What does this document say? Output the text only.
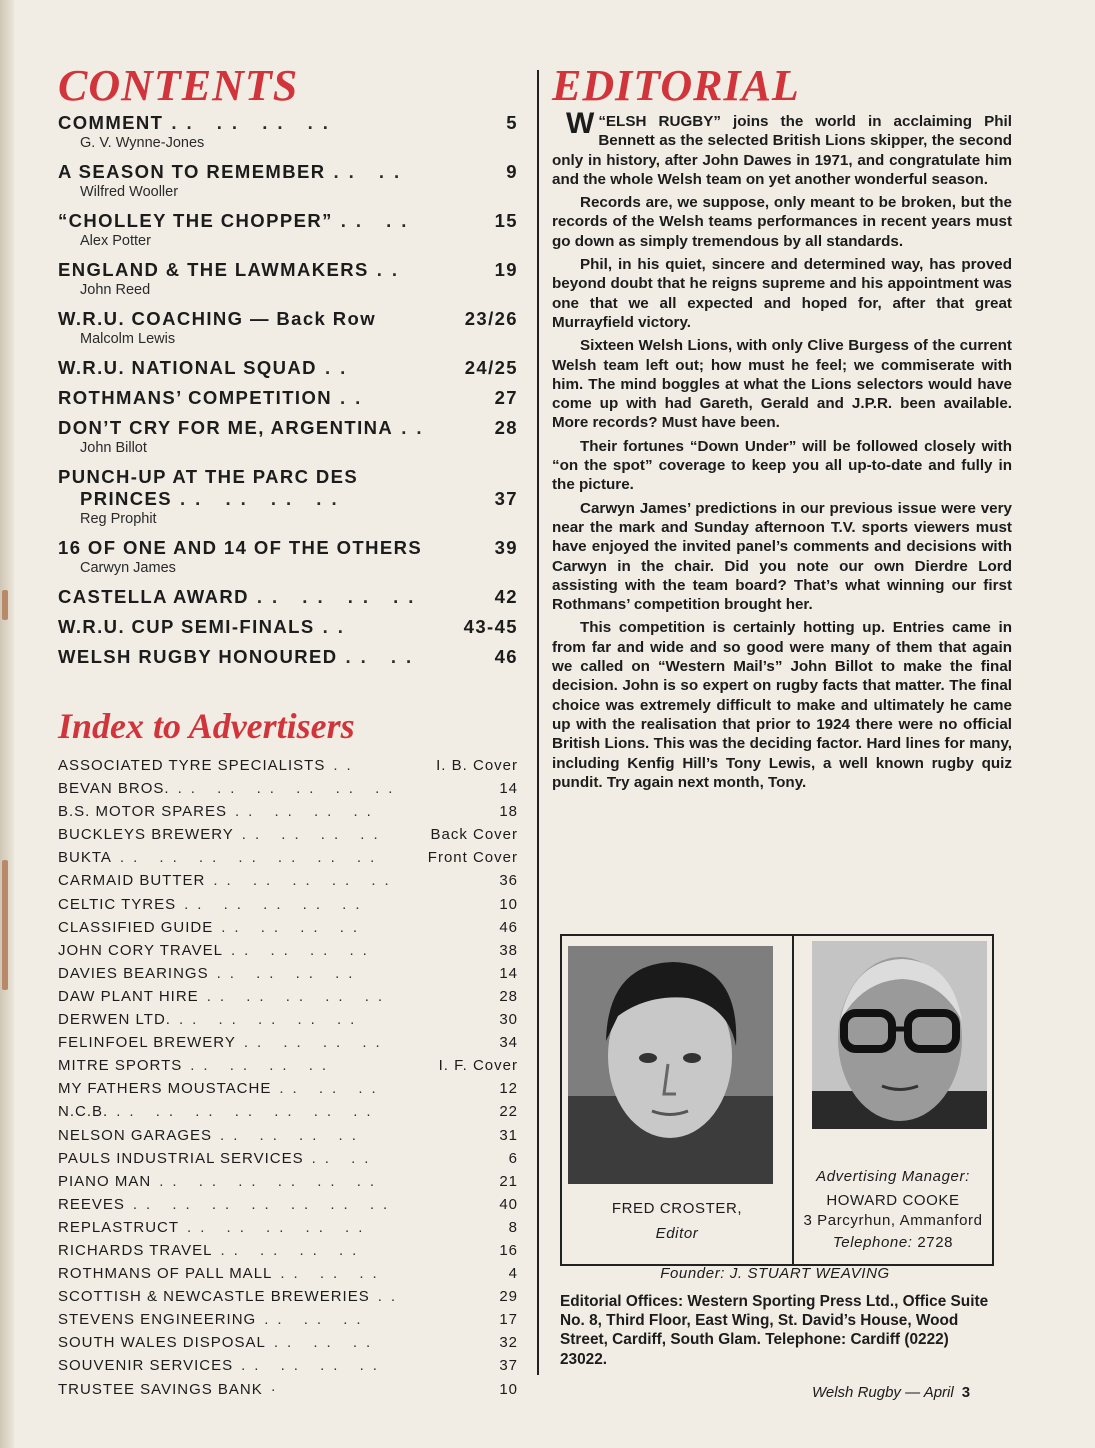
CONTENTS
COMMENT .. .. .. ..	5
G. V. Wynne-Jones
A SEASON TO REMEMBER .. ..	9
Wilfred Wooller
“CHOLLEY THE CHOPPER” .. ..	15
Alex Potter
ENGLAND & THE LAWMAKERS ..	19
John Reed
W.R.U. COACHING — Back Row	23/26
Malcolm Lewis
W.R.U. NATIONAL SQUAD ..	24/25
ROTHMANS’ COMPETITION ..	27
DON’T CRY FOR ME, ARGENTINA ..	28
John Billot
PUNCH-UP AT THE PARC DES
PRINCES .. .. .. ..	37
Reg Prophit
16 OF ONE AND 14 OF THE OTHERS	39
Carwyn James
CASTELLA AWARD .. .. .. ..	42
W.R.U. CUP SEMI-FINALS ..	43-45
WELSH RUGBY HONOURED .. ..	46
Index to Advertisers
ASSOCIATED TYRE SPECIALISTS ..	I. B. Cover
BEVAN BROS. .. .. .. .. .. ..	14
B.S. MOTOR SPARES .. .. .. ..	18
BUCKLEYS BREWERY .. .. .. ..	Back Cover
BUKTA .. .. .. .. .. .. ..	Front Cover
CARMAID BUTTER .. .. .. .. ..	36
CELTIC TYRES .. .. .. .. ..	10
CLASSIFIED GUIDE .. .. .. ..	46
JOHN CORY TRAVEL .. .. .. ..	38
DAVIES BEARINGS .. .. .. ..	14
DAW PLANT HIRE .. .. .. .. ..	28
DERWEN LTD. .. .. .. .. ..	30
FELINFOEL BREWERY .. .. .. ..	34
MITRE SPORTS .. .. .. ..	I. F. Cover
MY FATHERS MOUSTACHE .. .. ..	12
N.C.B. .. .. .. .. .. .. ..	22
NELSON GARAGES .. .. .. ..	31
PAULS INDUSTRIAL SERVICES .. ..	6
PIANO MAN .. .. .. .. .. ..	21
REEVES .. .. .. .. .. .. ..	40
REPLASTRUCT .. .. .. .. ..	8
RICHARDS TRAVEL .. .. .. ..	16
ROTHMANS OF PALL MALL .. .. ..	4
SCOTTISH & NEWCASTLE BREWERIES ..	29
STEVENS ENGINEERING .. .. ..	17
SOUTH WALES DISPOSAL .. .. ..	32
SOUVENIR SERVICES .. .. .. ..	37
TRUSTEE SAVINGS BANK ·	10
EDITORIAL

“
W ELSH RUGBY” joins the world in acclaiming Phil Bennett as the selected British Lions skipper, the second only in history, after John Dawes in 1971, and congratulate him and the whole Welsh team on yet another wonderful season.

Records are, we suppose, only meant to be broken, but the records of the Welsh teams performances in recent years must go down as simply tremendous by all standards.

Phil, in his quiet, sincere and determined way, has proved beyond doubt that he reigns supreme and his appointment was one that we all expected and hoped for, after that great Murrayfield victory.

Sixteen Welsh Lions, with only Clive Burgess of the current Welsh team left out; how must he feel; we commiserate with him. The mind boggles at what the Lions selectors would have come up with had Gareth, Gerald and J.P.R. been available. More records? Must have been.

Their fortunes “Down Under” will be followed closely with “on the spot” coverage to keep you all up-to-date and fully in the picture.

Carwyn James’ predictions in our previous issue were very near the mark and Sunday afternoon T.V. sports viewers must have enjoyed the invited panel’s comments and decisions with Carwyn in the chair. Did you note our own Dierdre Lord assisting with the team board? That’s what winning our first Rothmans’ competition brought her.

This competition is certainly hotting up. Entries came in from far and wide and so good were many of them that again we called on “Western Mail’s” John Billot to make the final decision. John is so expert on rugby facts that matter. The final choice was extremely difficult to make and ultimately he came up with the realisation that prior to 1924 there were no official British Lions. This was the deciding factor. Hard lines for many, including Kenfig Hill’s Tony Lewis, a well known rugby quiz pundit. Try again next month, Tony.

FRED CROSTER,
Editor
Advertising Manager:
HOWARD COOKE
3 Parcyrhun, Ammanford
Telephone: 2728
Founder: J. STUART WEAVING
Editorial Offices: Western Sporting Press Ltd., Office Suite No. 8, Third Floor, East Wing, St. David’s House, Wood Street, Cardiff, South Glam. Telephone: Cardiff (0222) 23022.
Welsh Rugby — April 3
